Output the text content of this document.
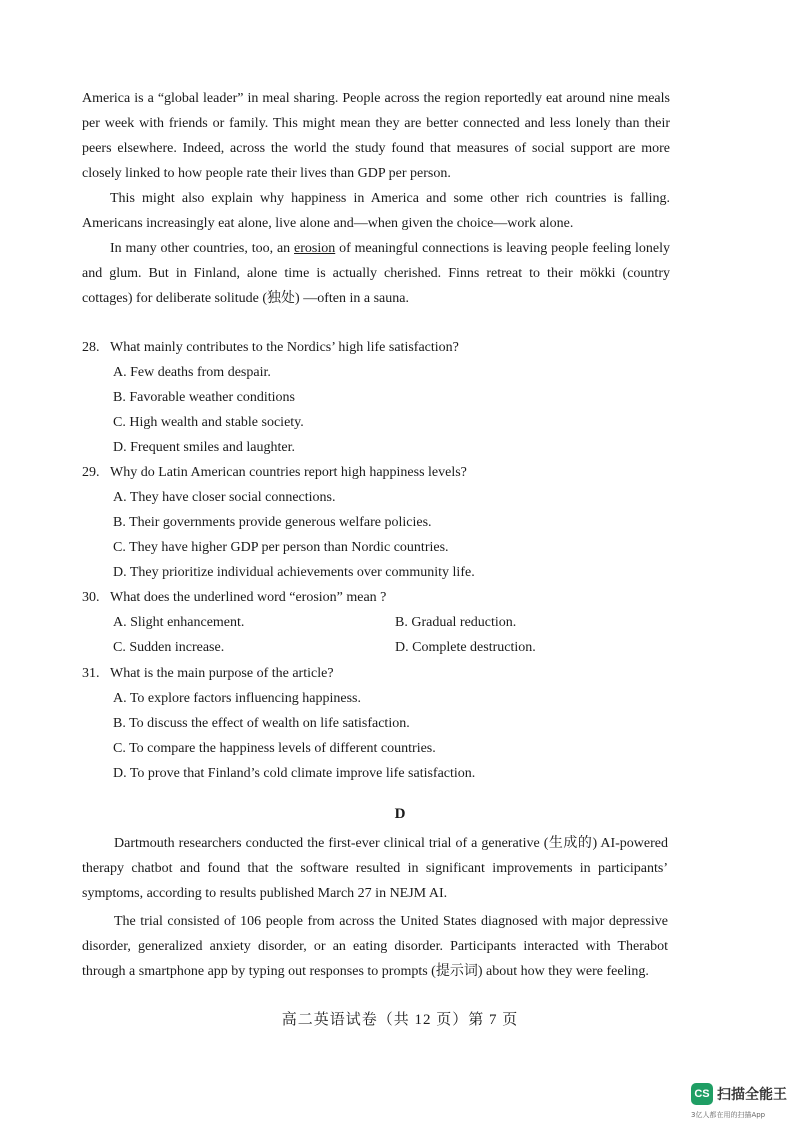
America is a “global leader” in meal sharing. People across the region reportedly eat around nine meals per week with friends or family. This might mean they are better connected and less lonely than their peers elsewhere. Indeed, across the world the study found that measures of social support are more closely linked to how people rate their lives than GDP per person.

This might also explain why happiness in America and some other rich countries is falling. Americans increasingly eat alone, live alone and—when given the choice—work alone.

In many other countries, too, an erosion of meaningful connections is leaving people feeling lonely and glum. But in Finland, alone time is actually cherished. Finns retreat to their mökki (country cottages) for deliberate solitude (独处) —often in a sauna.

28. What mainly contributes to the Nordics’ high life satisfaction?
A. Few deaths from despair.
B. Favorable weather conditions
C. High wealth and stable society.
D. Frequent smiles and laughter.
29. Why do Latin American countries report high happiness levels?
A. They have closer social connections.
B. Their governments provide generous welfare policies.
C. They have higher GDP per person than Nordic countries.
D. They prioritize individual achievements over community life.
30. What does the underlined word “erosion” mean ?
A. Slight enhancement.	B. Gradual reduction.
C. Sudden increase.	D. Complete destruction.
31. What is the main purpose of the article?
A. To explore factors influencing happiness.
B. To discuss the effect of wealth on life satisfaction.
C. To compare the happiness levels of different countries.
D. To prove that Finland’s cold climate improve life satisfaction.
D

Dartmouth researchers conducted the first-ever clinical trial of a generative (生成的) AI-powered therapy chatbot and found that the software resulted in significant improvements in participants’ symptoms, according to results published March 27 in NEJM AI.

The trial consisted of 106 people from across the United States diagnosed with major depressive disorder, generalized anxiety disorder, or an eating disorder. Participants interacted with Therabot through a smartphone app by typing out responses to prompts (提示词) about how they were feeling.

高二英语试卷（共 12 页）第 7 页
CS 扫描全能王
3亿人都在用的扫描App
